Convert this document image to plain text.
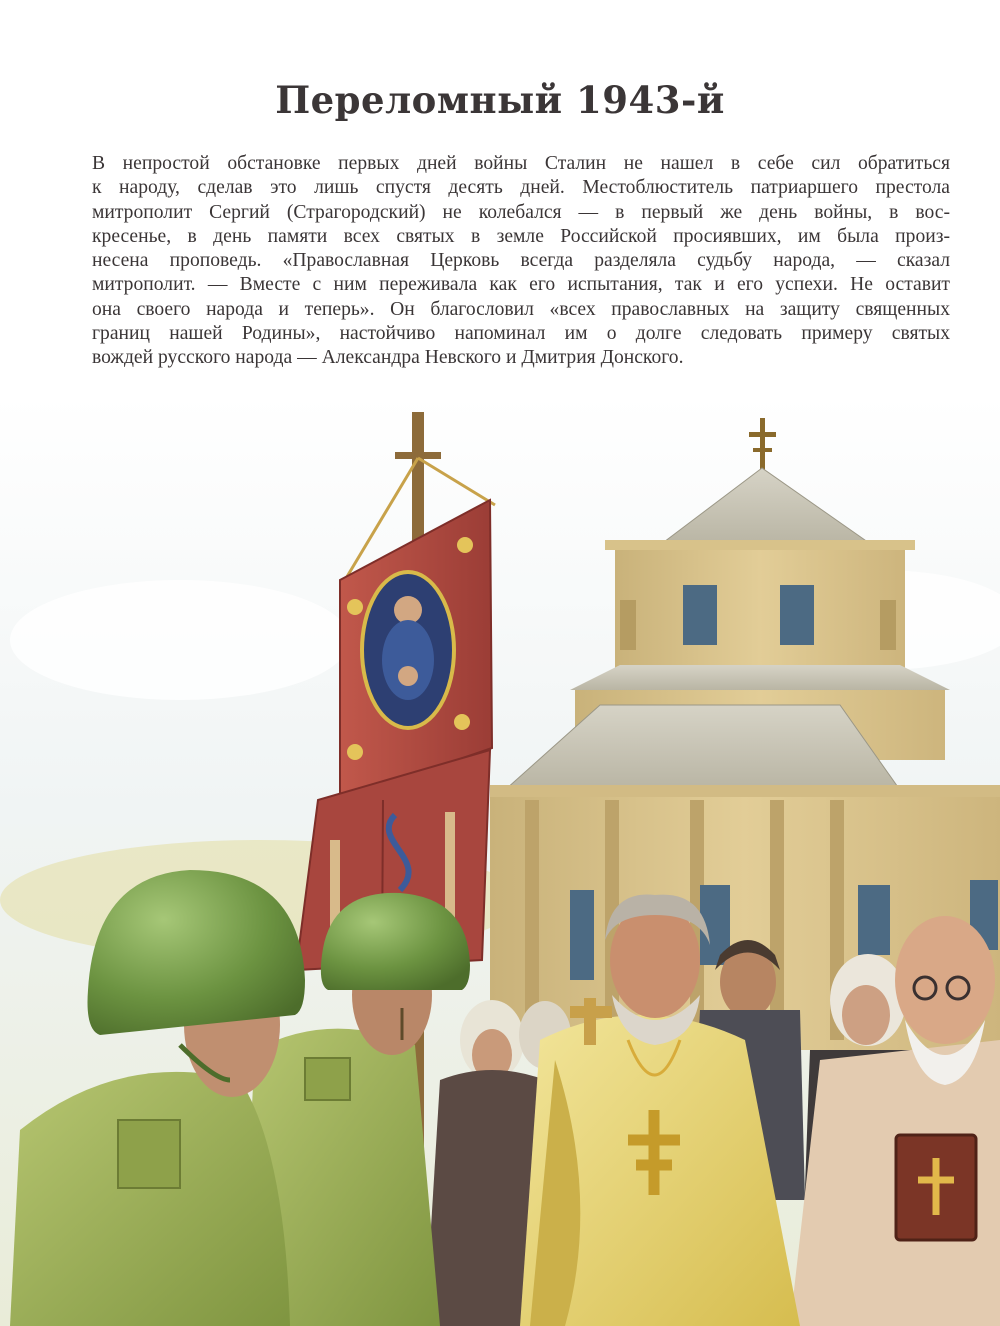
Переломный 1943-й
В непростой обстановке первых дней войны Сталин не нашел в себе сил обратиться
к народу, сделав это лишь спустя десять дней. Местоблюститель патриаршего престола
митрополит Сергий (Страгородский) не колебался — в первый же день войны, в вос-
кресенье, в день памяти всех святых в земле Российской просиявших, им была произ-
несена проповедь. «Православная Церковь всегда разделяла судьбу народа, — сказал
митрополит. — Вместе с ним переживала как его испытания, так и его успехи. Не оставит
она своего народа и теперь». Он благословил «всех православных на защиту священных
границ нашей Родины», настойчиво напоминал им о долге следовать примеру святых
вождей русского народа — Александра Невского и Дмитрия Донского.
